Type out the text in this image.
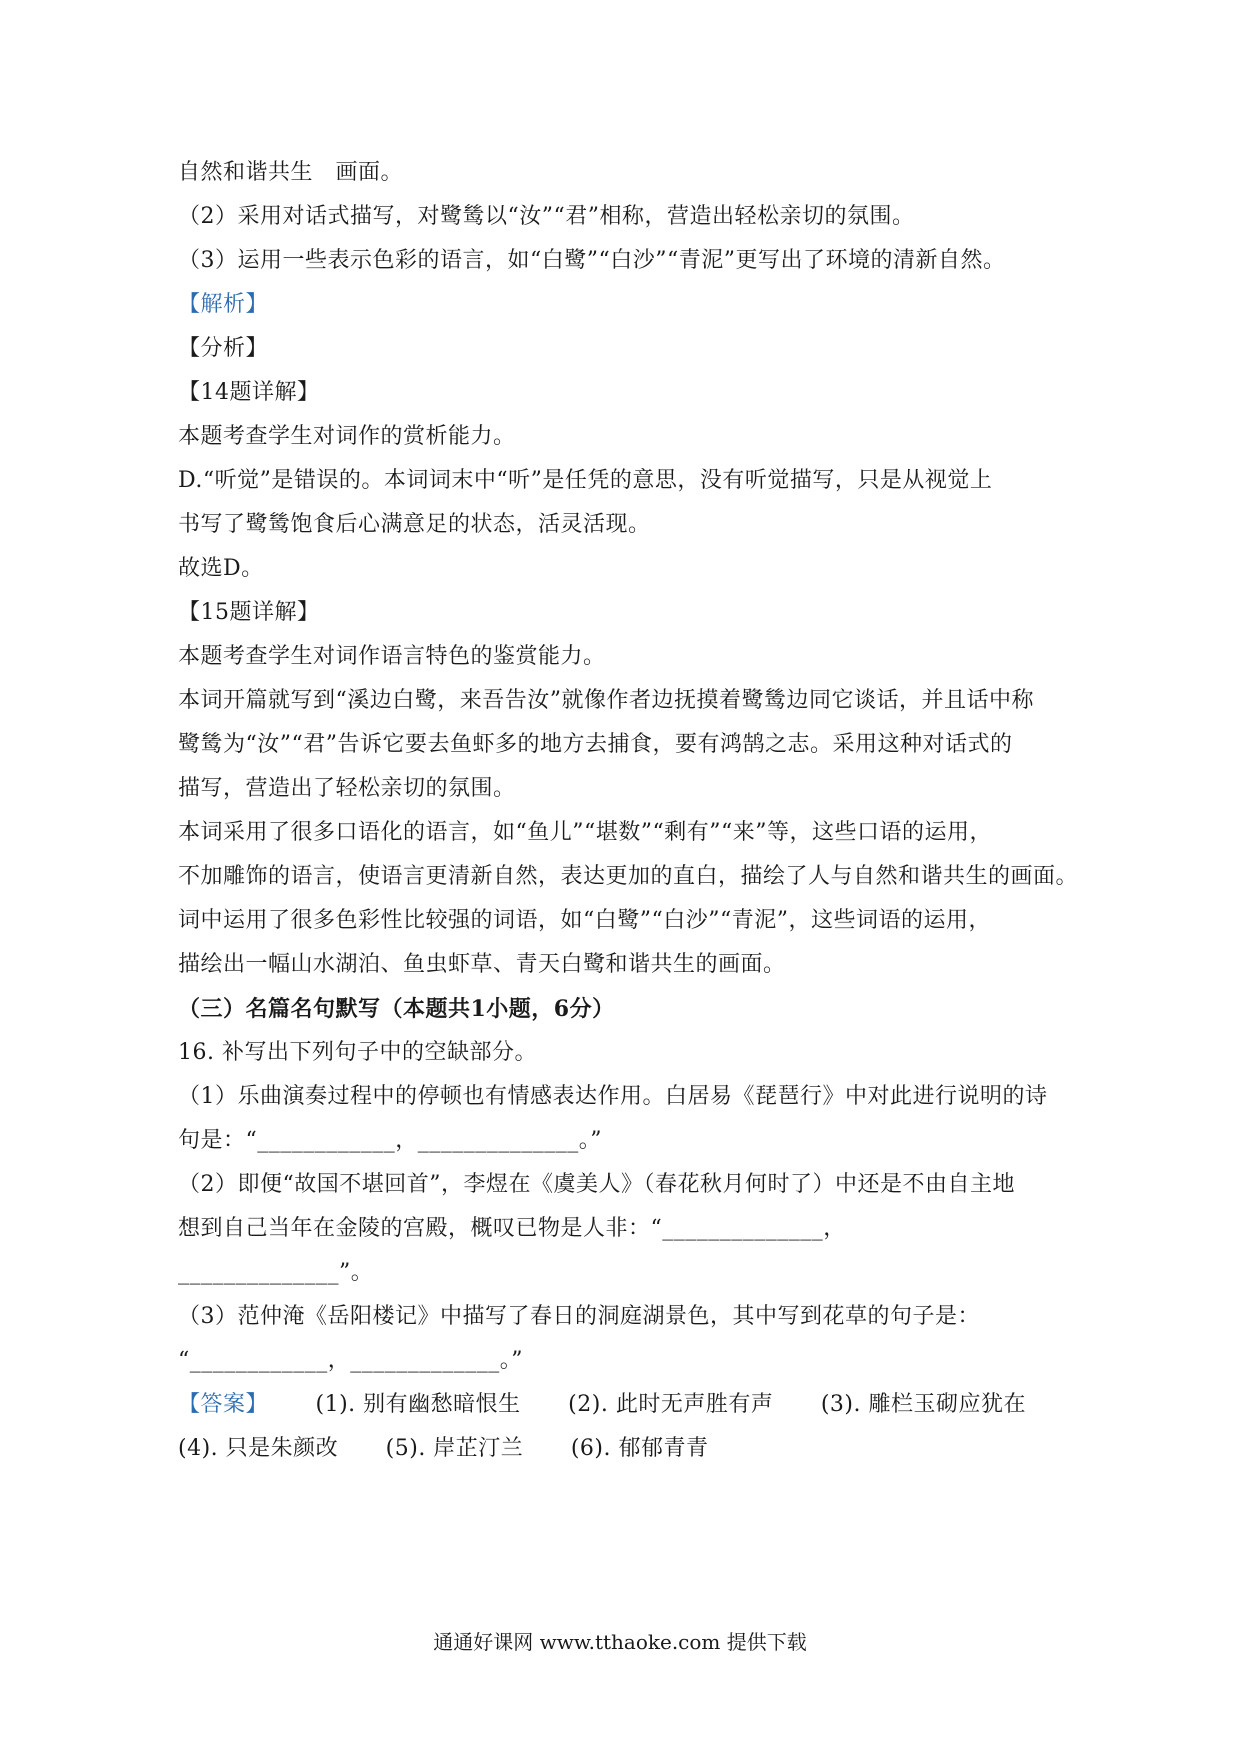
自然和谐共生　画面。
（2）采用对话式描写，对鹭鸶以“汝”“君”相称，营造出轻松亲切的氛围。
（3）运用一些表示色彩的语言，如“白鹭”“白沙”“青泥”更写出了环境的清新自然。
【解析】
【分析】
【14题详解】
本题考查学生对词作的赏析能力。
D.“听觉”是错误的。本词词末中“听”是任凭的意思，没有听觉描写，只是从视觉上
书写了鹭鸶饱食后心满意足的状态，活灵活现。
故选D。
【15题详解】
本题考查学生对词作语言特色的鉴赏能力。
本词开篇就写到“溪边白鹭，来吾告汝”就像作者边抚摸着鹭鸶边同它谈话，并且话中称
鹭鸶为“汝”“君”告诉它要去鱼虾多的地方去捕食，要有鸿鹄之志。采用这种对话式的
描写，营造出了轻松亲切的氛围。
本词采用了很多口语化的语言，如“鱼儿”“堪数”“剩有”“来”等，这些口语的运用，
不加雕饰的语言，使语言更清新自然，表达更加的直白，描绘了人与自然和谐共生的画面。
词中运用了很多色彩性比较强的词语，如“白鹭”“白沙”“青泥”，这些词语的运用，
描绘出一幅山水湖泊、鱼虫虾草、青天白鹭和谐共生的画面。
（三）名篇名句默写（本题共1小题，6分）
16. 补写出下列句子中的空缺部分。
（1）乐曲演奏过程中的停顿也有情感表达作用。白居易《琵琶行》中对此进行说明的诗
句是：“____________，______________。”
（2）即便“故国不堪回首”，李煜在《虞美人》（春花秋月何时了）中还是不由自主地
想到自己当年在金陵的宫殿，概叹已物是人非：“______________，
______________”。
（3）范仲淹《岳阳楼记》中描写了春日的洞庭湖景色，其中写到花草的句子是：
“____________，_____________。”
【答案】 (1). 别有幽愁暗恨生 (2). 此时无声胜有声 (3). 雕栏玉砌应犹在
(4). 只是朱颜改 (5). 岸芷汀兰 (6). 郁郁青青
通通好课网 www.tthaoke.com 提供下载
